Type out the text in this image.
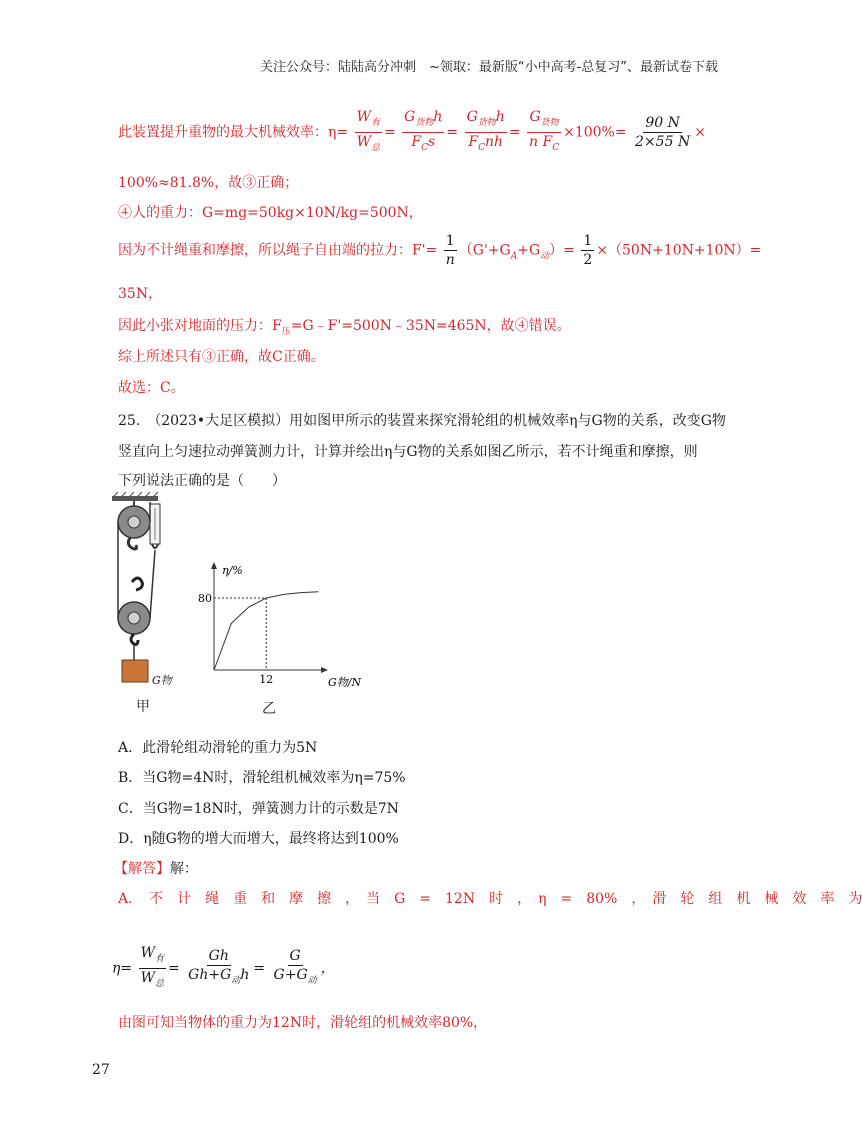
关注公众号：陆陆高分冲刺　~领取：最新版“小中高考-总复习”、最新试卷下载
此装置提升重物的最大机械效率：$\eta= \frac{W_有}{W_总} = \frac{G_{货物}h}{F_Cs} = \frac{G_{货物}h}{F_Cnh} = \frac{G_{货物}}{n F_C} \times 100\%= \frac{90 N}{2\times 55 N}$ ×
100%≈81.8%，故③正确；
④人的重力：G=mg=50kg×10N/kg=500N，
因为不计绳重和摩擦，所以绳子自由端的拉力：$F'= \frac{1}{n} (G'+G_A+G_动)= \frac{1}{2} \times(50N+10N+10N)=$
35N，
因此小张对地面的压力：$F_压=G﹣F'=500N﹣35N=465N$，故④错误。
综上所述只有③正确，故C正确。
故选：C。
25.　（2023•大足区模拟）用如图甲所示的装置来探究滑轮组的机械效率η与G物的关系，改变G物
竖直向上匀速拉动弹簧测力计，计算并绘出η与G物的关系如图乙所示，若不计绳重和摩擦，则
下列说法正确的是（　　）
G物
甲
80
12
η/%
G物/N
乙
A．此滑轮组动滑轮的重力为5N
B．当G物=4N时，滑轮组机械效率为η=75%
C．当G物=18N时，弹簧测力计的示数是7N
D．η随G物的增大而增大，最终将达到100%
【解答】解：
A．　不　计　绳　重　和　摩　擦　，　当　G　=　12N　时　，　η　=　80%　，　滑　轮　组　机　械　效　率　为
$\eta= \frac{W_有}{W_总} = \frac{Gh}{Gh+G_动h} = \frac{G}{G+G_动}$ ，
由图可知当物体的重力为12N时，滑轮组的机械效率80%，
27
